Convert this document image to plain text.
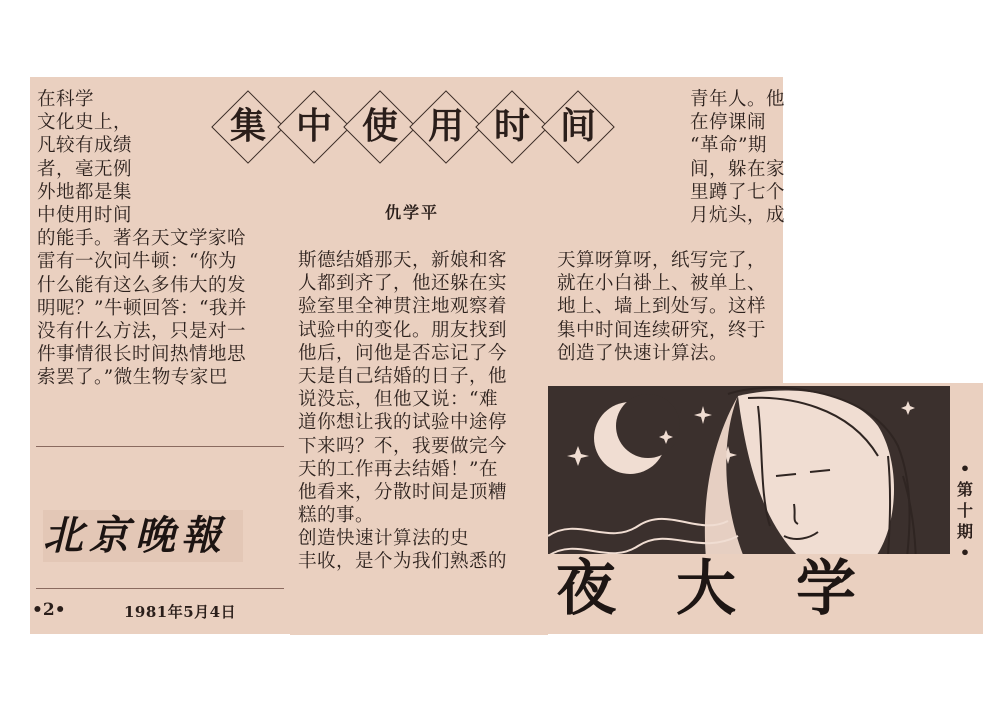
集 中 使 用 时 间
仇学平
在科学
文化史上，
凡较有成绩
者，毫无例
外地都是集
中使用时间
的能手。著名天文学家哈
雷有一次问牛顿：“你为
什么能有这么多伟大的发
明呢？”牛顿回答：“我并
没有什么方法，只是对一
件事情很长时间热情地思
索罢了。”微生物专家巴
斯德结婚那天，新娘和客
人都到齐了，他还躲在实
验室里全神贯注地观察着
试验中的变化。朋友找到
他后，问他是否忘记了今
天是自己结婚的日子，他
说没忘，但他又说：“难
道你想让我的试验中途停
下来吗？不，我要做完今
天的工作再去结婚！”在
他看来，分散时间是顶糟
糕的事。
创造快速计算法的史
丰收，是个为我们熟悉的
青年人。他
在停课闹
“革命”期
间，躲在家
里蹲了七个
月炕头，成
天算呀算呀，纸写完了，
就在小白褂上、被单上、
地上、墙上到处写。这样
集中时间连续研究，终于
创造了快速计算法。
北京晚報
•2•	1981年5月4日	夜大学
•
第
十
期
•
